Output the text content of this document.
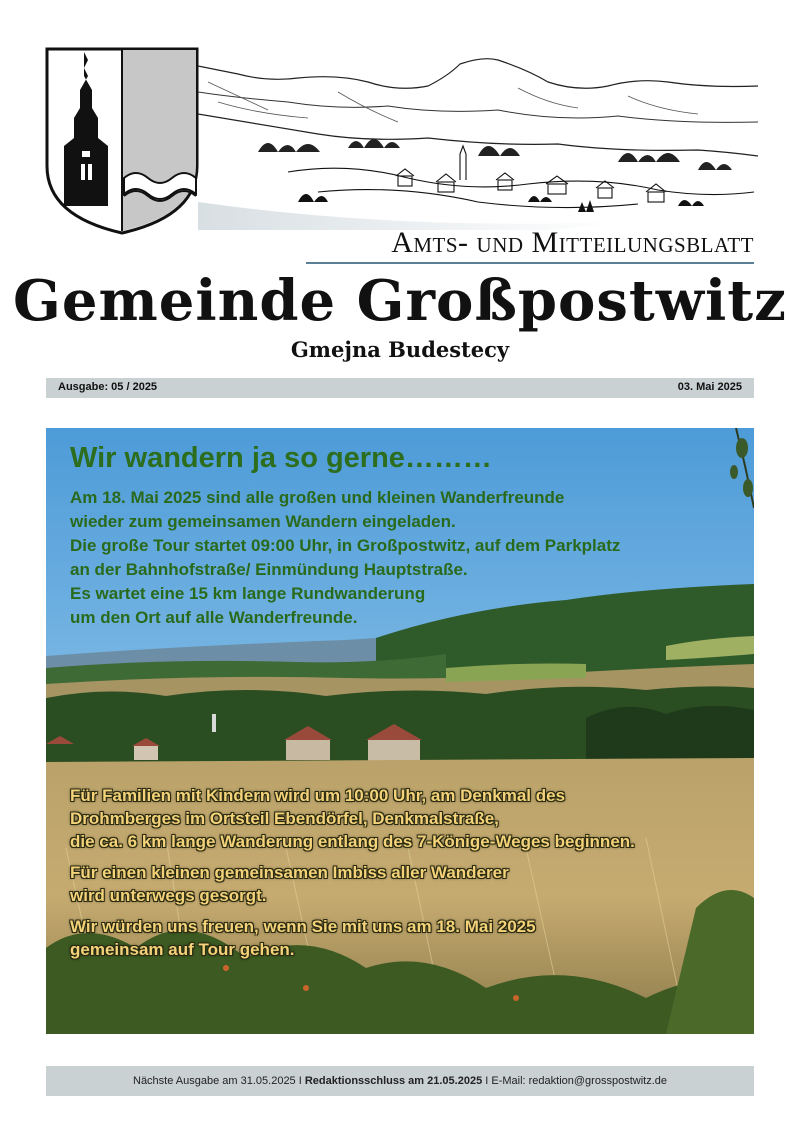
Amts- und Mitteilungsblatt
Gemeinde Großpostwitz
Gmejna Budestecy
Ausgabe: 05 / 2025	03. Mai 2025
Wir wandern ja so gerne………
Am 18. Mai 2025 sind alle großen und kleinen Wanderfreunde
wieder zum gemeinsamen Wandern eingeladen.
Die große Tour startet 09:00 Uhr, in Großpostwitz, auf dem Parkplatz
an der Bahnhofstraße/ Einmündung Hauptstraße.
Es wartet eine 15 km lange Rundwanderung
um den Ort auf alle Wanderfreunde.
Für Familien mit Kindern wird um 10:00 Uhr, am Denkmal des
Drohmberges im Ortsteil Ebendörfel, Denkmalstraße,
die ca. 6 km lange Wanderung entlang des 7-Könige-Weges beginnen.
Für einen kleinen gemeinsamen Imbiss aller Wanderer
wird unterwegs gesorgt.
Wir würden uns freuen, wenn Sie mit uns am 18. Mai 2025
gemeinsam auf Tour gehen.
Nächste Ausgabe am 31.05.2025 I Redaktionsschluss am 21.05.2025 I E-Mail: redaktion@grosspostwitz.de
